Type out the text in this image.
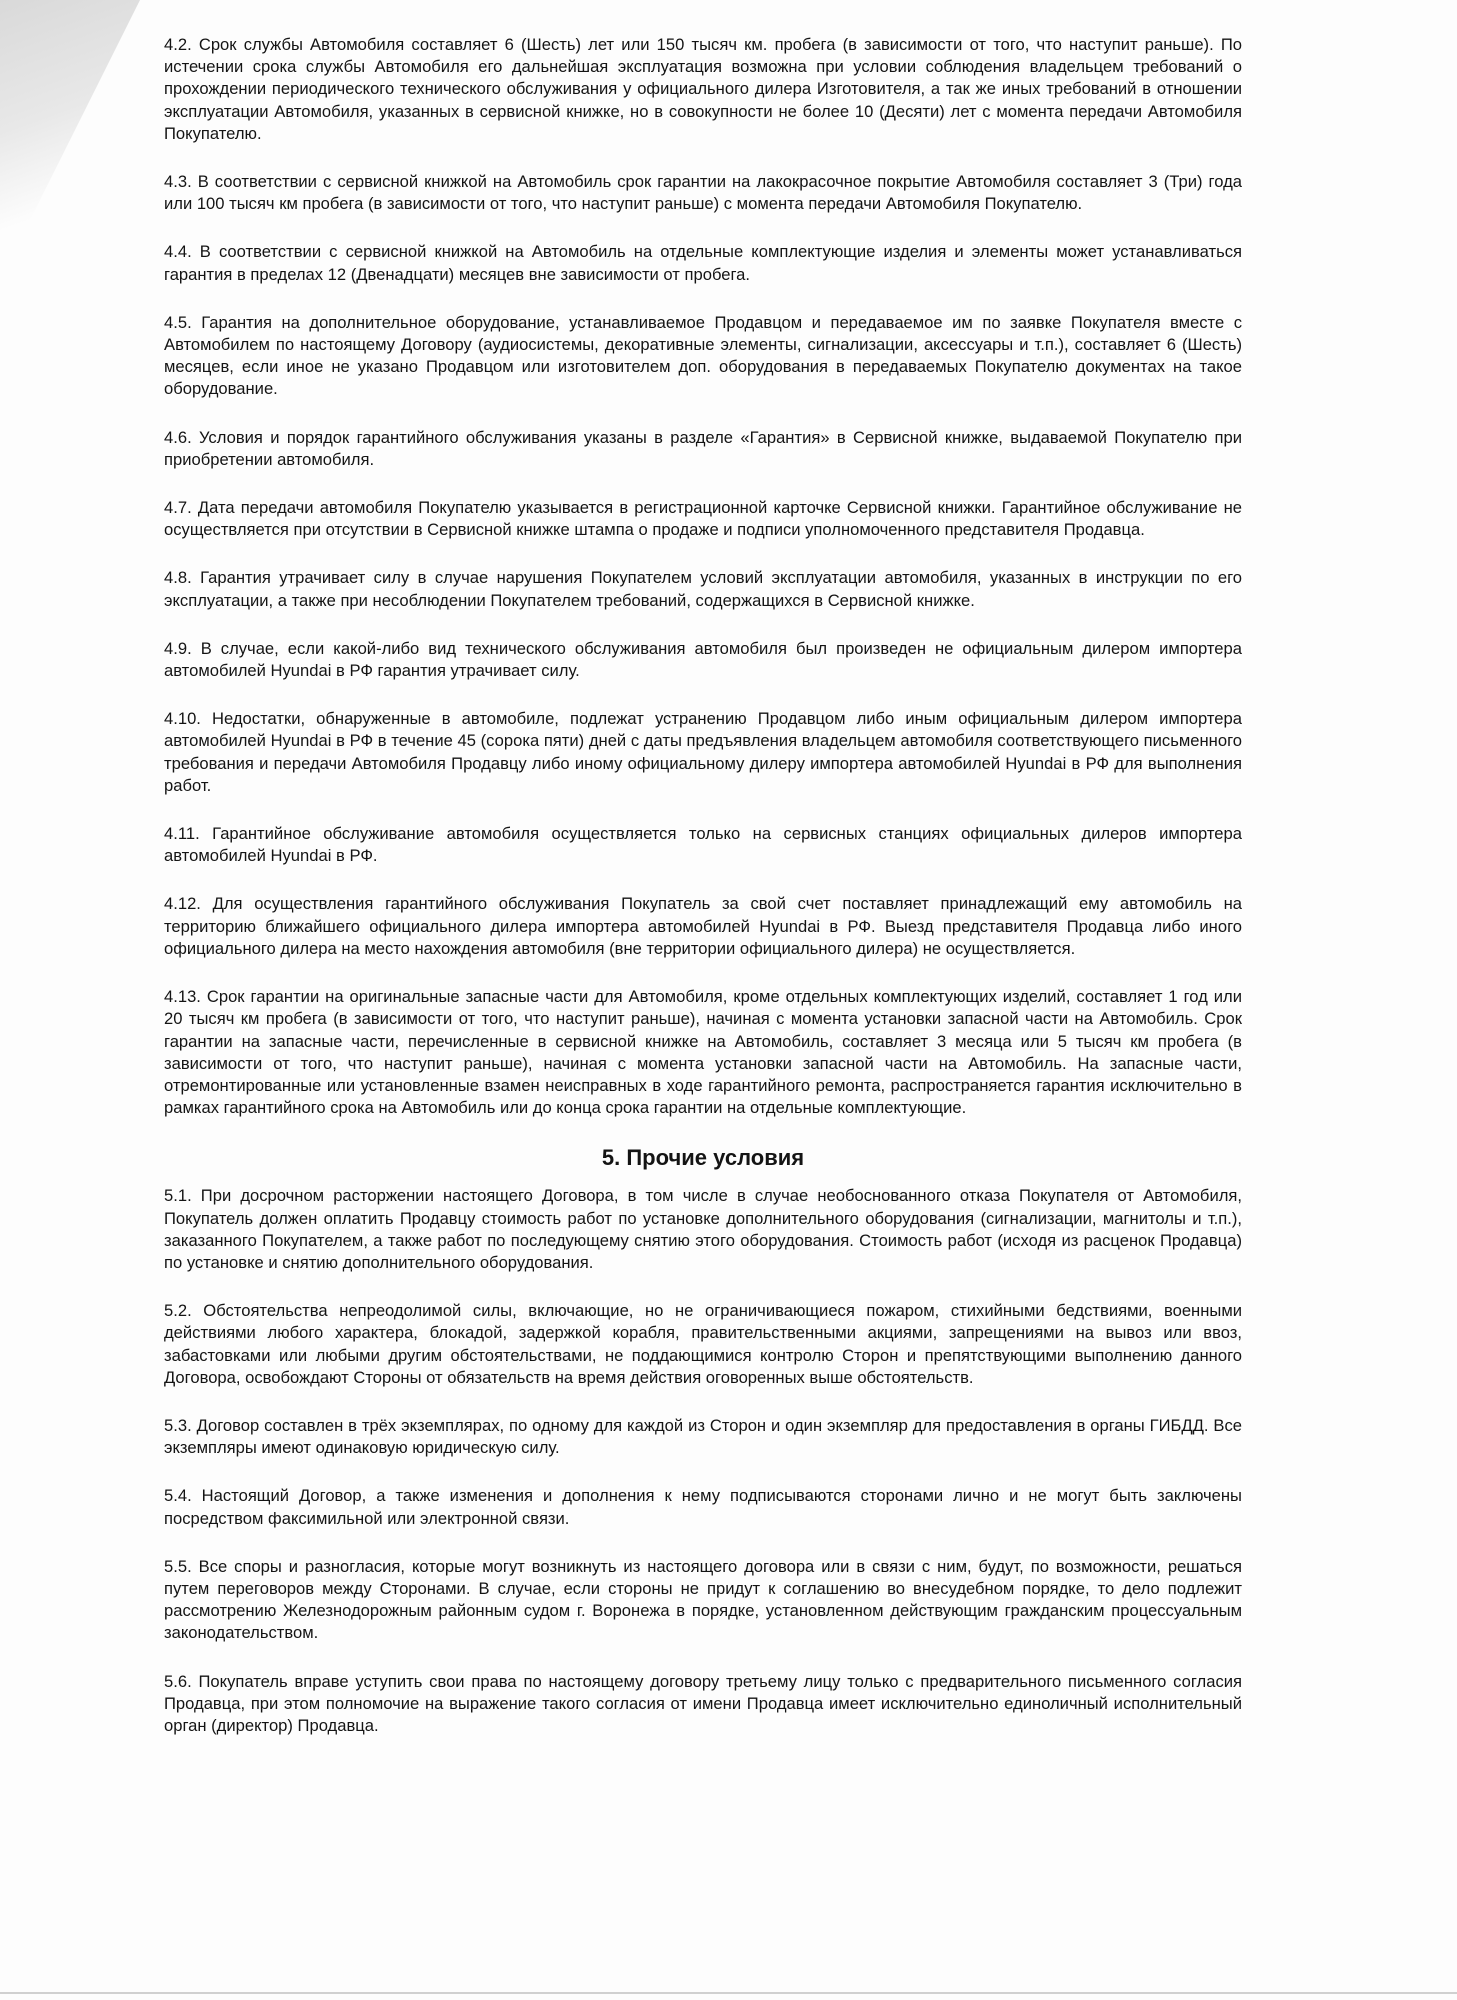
4.2. Срок службы Автомобиля составляет 6 (Шесть) лет или 150 тысяч км. пробега (в зависимости от того, что наступит раньше). По истечении срока службы Автомобиля его дальнейшая эксплуатация возможна при условии соблюдения владельцем требований о прохождении периодического технического обслуживания у официального дилера Изготовителя, а так же иных требований в отношении эксплуатации Автомобиля, указанных в сервисной книжке, но в совокупности не более 10 (Десяти) лет с момента передачи Автомобиля Покупателю.

4.3. В соответствии с сервисной книжкой на Автомобиль срок гарантии на лакокрасочное покрытие Автомобиля составляет 3 (Три) года или 100 тысяч км пробега (в зависимости от того, что наступит раньше) с момента передачи Автомобиля Покупателю.

4.4. В соответствии с сервисной книжкой на Автомобиль на отдельные комплектующие изделия и элементы может устанавливаться гарантия в пределах 12 (Двенадцати) месяцев вне зависимости от пробега.

4.5. Гарантия на дополнительное оборудование, устанавливаемое Продавцом и передаваемое им по заявке Покупателя вместе с Автомобилем по настоящему Договору (аудиосистемы, декоративные элементы, сигнализации, аксессуары и т.п.), составляет 6 (Шесть) месяцев, если иное не указано Продавцом или изготовителем доп. оборудования в передаваемых Покупателю документах на такое оборудование.

4.6. Условия и порядок гарантийного обслуживания указаны в разделе «Гарантия» в Сервисной книжке, выдаваемой Покупателю при приобретении автомобиля.

4.7. Дата передачи автомобиля Покупателю указывается в регистрационной карточке Сервисной книжки. Гарантийное обслуживание не осуществляется при отсутствии в Сервисной книжке штампа о продаже и подписи уполномоченного представителя Продавца.

4.8. Гарантия утрачивает силу в случае нарушения Покупателем условий эксплуатации автомобиля, указанных в инструкции по его эксплуатации, а также при несоблюдении Покупателем требований, содержащихся в Сервисной книжке.

4.9. В случае, если какой-либо вид технического обслуживания автомобиля был произведен не официальным дилером импортера автомобилей Hyundai в РФ гарантия утрачивает силу.

4.10. Недостатки, обнаруженные в автомобиле, подлежат устранению Продавцом либо иным официальным дилером импортера автомобилей Hyundai в РФ в течение 45 (сорока пяти) дней с даты предъявления владельцем автомобиля соответствующего письменного требования и передачи Автомобиля Продавцу либо иному официальному дилеру импортера автомобилей Hyundai в РФ для выполнения работ.

4.11. Гарантийное обслуживание автомобиля осуществляется только на сервисных станциях официальных дилеров импортера автомобилей Hyundai в РФ.

4.12. Для осуществления гарантийного обслуживания Покупатель за свой счет поставляет принадлежащий ему автомобиль на территорию ближайшего официального дилера импортера автомобилей Hyundai в РФ. Выезд представителя Продавца либо иного официального дилера на место нахождения автомобиля (вне территории официального дилера) не осуществляется.

4.13. Срок гарантии на оригинальные запасные части для Автомобиля, кроме отдельных комплектующих изделий, составляет 1 год или 20 тысяч км пробега (в зависимости от того, что наступит раньше), начиная с момента установки запасной части на Автомобиль. Срок гарантии на запасные части, перечисленные в сервисной книжке на Автомобиль, составляет 3 месяца или 5 тысяч км пробега (в зависимости от того, что наступит раньше), начиная с момента установки запасной части на Автомобиль. На запасные части, отремонтированные или установленные взамен неисправных в ходе гарантийного ремонта, распространяется гарантия исключительно в рамках гарантийного срока на Автомобиль или до конца срока гарантии на отдельные комплектующие.

5. Прочие условия

5.1. При досрочном расторжении настоящего Договора, в том числе в случае необоснованного отказа Покупателя от Автомобиля, Покупатель должен оплатить Продавцу стоимость работ по установке дополнительного оборудования (сигнализации, магнитолы и т.п.), заказанного Покупателем, а также работ по последующему снятию этого оборудования. Стоимость работ (исходя из расценок Продавца) по установке и снятию дополнительного оборудования.

5.2. Обстоятельства непреодолимой силы, включающие, но не ограничивающиеся пожаром, стихийными бедствиями, военными действиями любого характера, блокадой, задержкой корабля, правительственными акциями, запрещениями на вывоз или ввоз, забастовками или любыми другим обстоятельствами, не поддающимися контролю Сторон и препятствующими выполнению данного Договора, освобождают Стороны от обязательств на время действия оговоренных выше обстоятельств.

5.3. Договор составлен в трёх экземплярах, по одному для каждой из Сторон и один экземпляр для предоставления в органы ГИБДД. Все экземпляры имеют одинаковую юридическую силу.

5.4. Настоящий Договор, а также изменения и дополнения к нему подписываются сторонами лично и не могут быть заключены посредством факсимильной или электронной связи.

5.5. Все споры и разногласия, которые могут возникнуть из настоящего договора или в связи с ним, будут, по возможности, решаться путем переговоров между Сторонами. В случае, если стороны не придут к соглашению во внесудебном порядке, то дело подлежит рассмотрению Железнодорожным районным судом г. Воронежа в порядке, установленном действующим гражданским процессуальным законодательством.

5.6. Покупатель вправе уступить свои права по настоящему договору третьему лицу только с предварительного письменного согласия Продавца, при этом полномочие на выражение такого согласия от имени Продавца имеет исключительно единоличный исполнительный орган (директор) Продавца.
